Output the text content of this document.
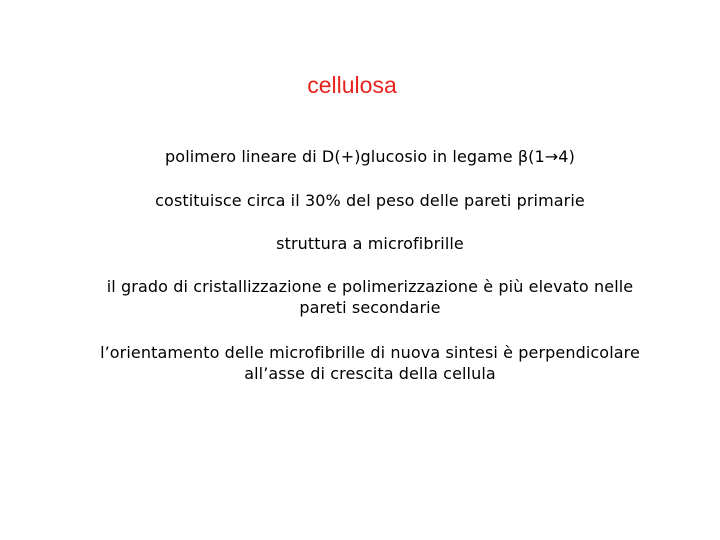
cellulosa
polimero lineare di D(+)glucosio in legame β(1→4)
costituisce circa il 30% del peso delle pareti primarie
struttura a microfibrille
il grado di cristallizzazione e polimerizzazione è più elevato nelle
pareti secondarie
l’orientamento delle microfibrille di nuova sintesi è perpendicolare
all’asse di crescita della cellula
